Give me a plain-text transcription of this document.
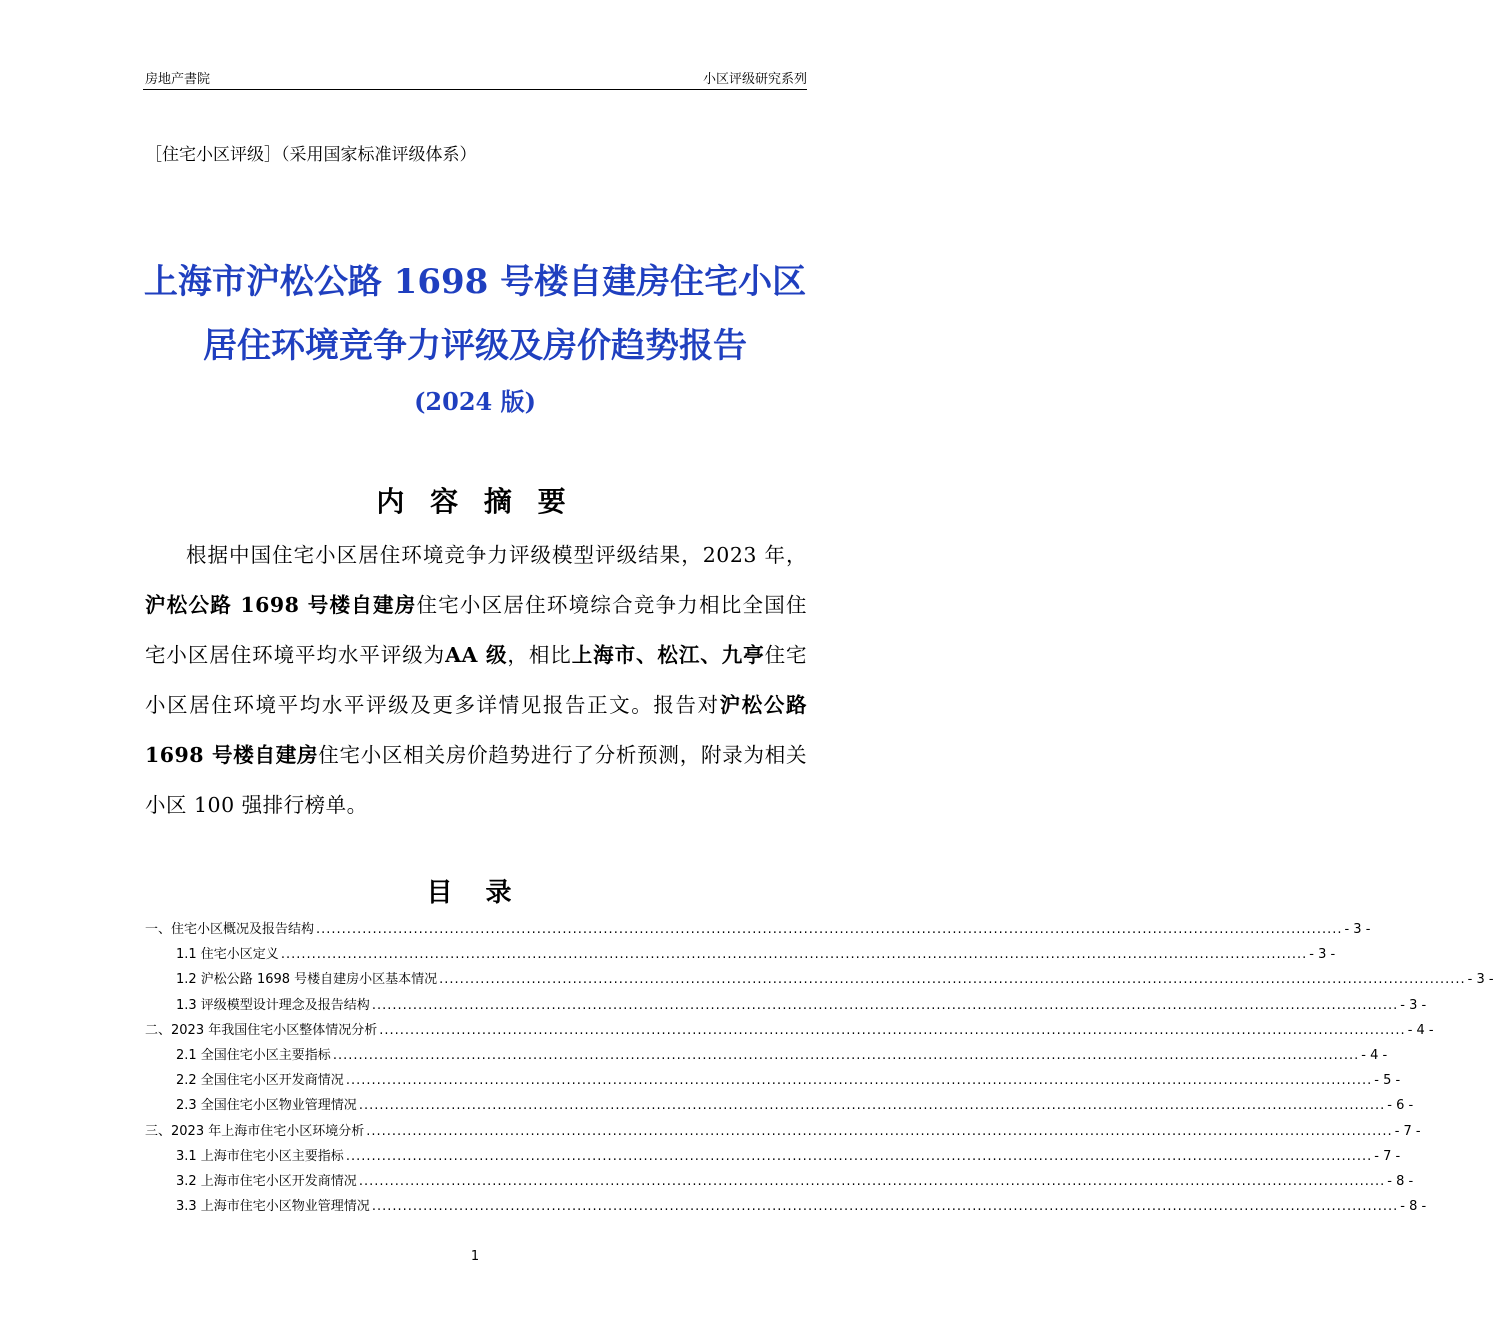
房地产書院	小区评级研究系列
［住宅小区评级］（采用国家标准评级体系）
上海市沪松公路 1698 号楼自建房住宅小区
居住环境竞争力评级及房价趋势报告
(2024 版)
内 容 摘 要
根据中国住宅小区居住环境竞争力评级模型评级结果，2023 年，沪松公路 1698 号楼自建房住宅小区居住环境综合竞争力相比全国住宅小区居住环境平均水平评级为AA 级，相比上海市、松江、九亭住宅小区居住环境平均水平评级及更多详情见报告正文。报告对沪松公路 1698 号楼自建房住宅小区相关房价趋势进行了分析预测，附录为相关小区 100 强排行榜单。
目 录
一、住宅小区概况及报告结构 ........................................................................................................................................................................................................ - 3 -
1.1 住宅小区定义 ........................................................................................................................................................................................................ - 3 -
1.2 沪松公路 1698 号楼自建房小区基本情况 ........................................................................................................................................................................................................ - 3 -
1.3 评级模型设计理念及报告结构 ........................................................................................................................................................................................................ - 3 -
二、2023 年我国住宅小区整体情况分析 ........................................................................................................................................................................................................ - 4 -
2.1 全国住宅小区主要指标 ........................................................................................................................................................................................................ - 4 -
2.2 全国住宅小区开发商情况 ........................................................................................................................................................................................................ - 5 -
2.3 全国住宅小区物业管理情况 ........................................................................................................................................................................................................ - 6 -
三、2023 年上海市住宅小区环境分析 ........................................................................................................................................................................................................ - 7 -
3.1 上海市住宅小区主要指标 ........................................................................................................................................................................................................ - 7 -
3.2 上海市住宅小区开发商情况 ........................................................................................................................................................................................................ - 8 -
3.3 上海市住宅小区物业管理情况 ........................................................................................................................................................................................................ - 8 -
1
